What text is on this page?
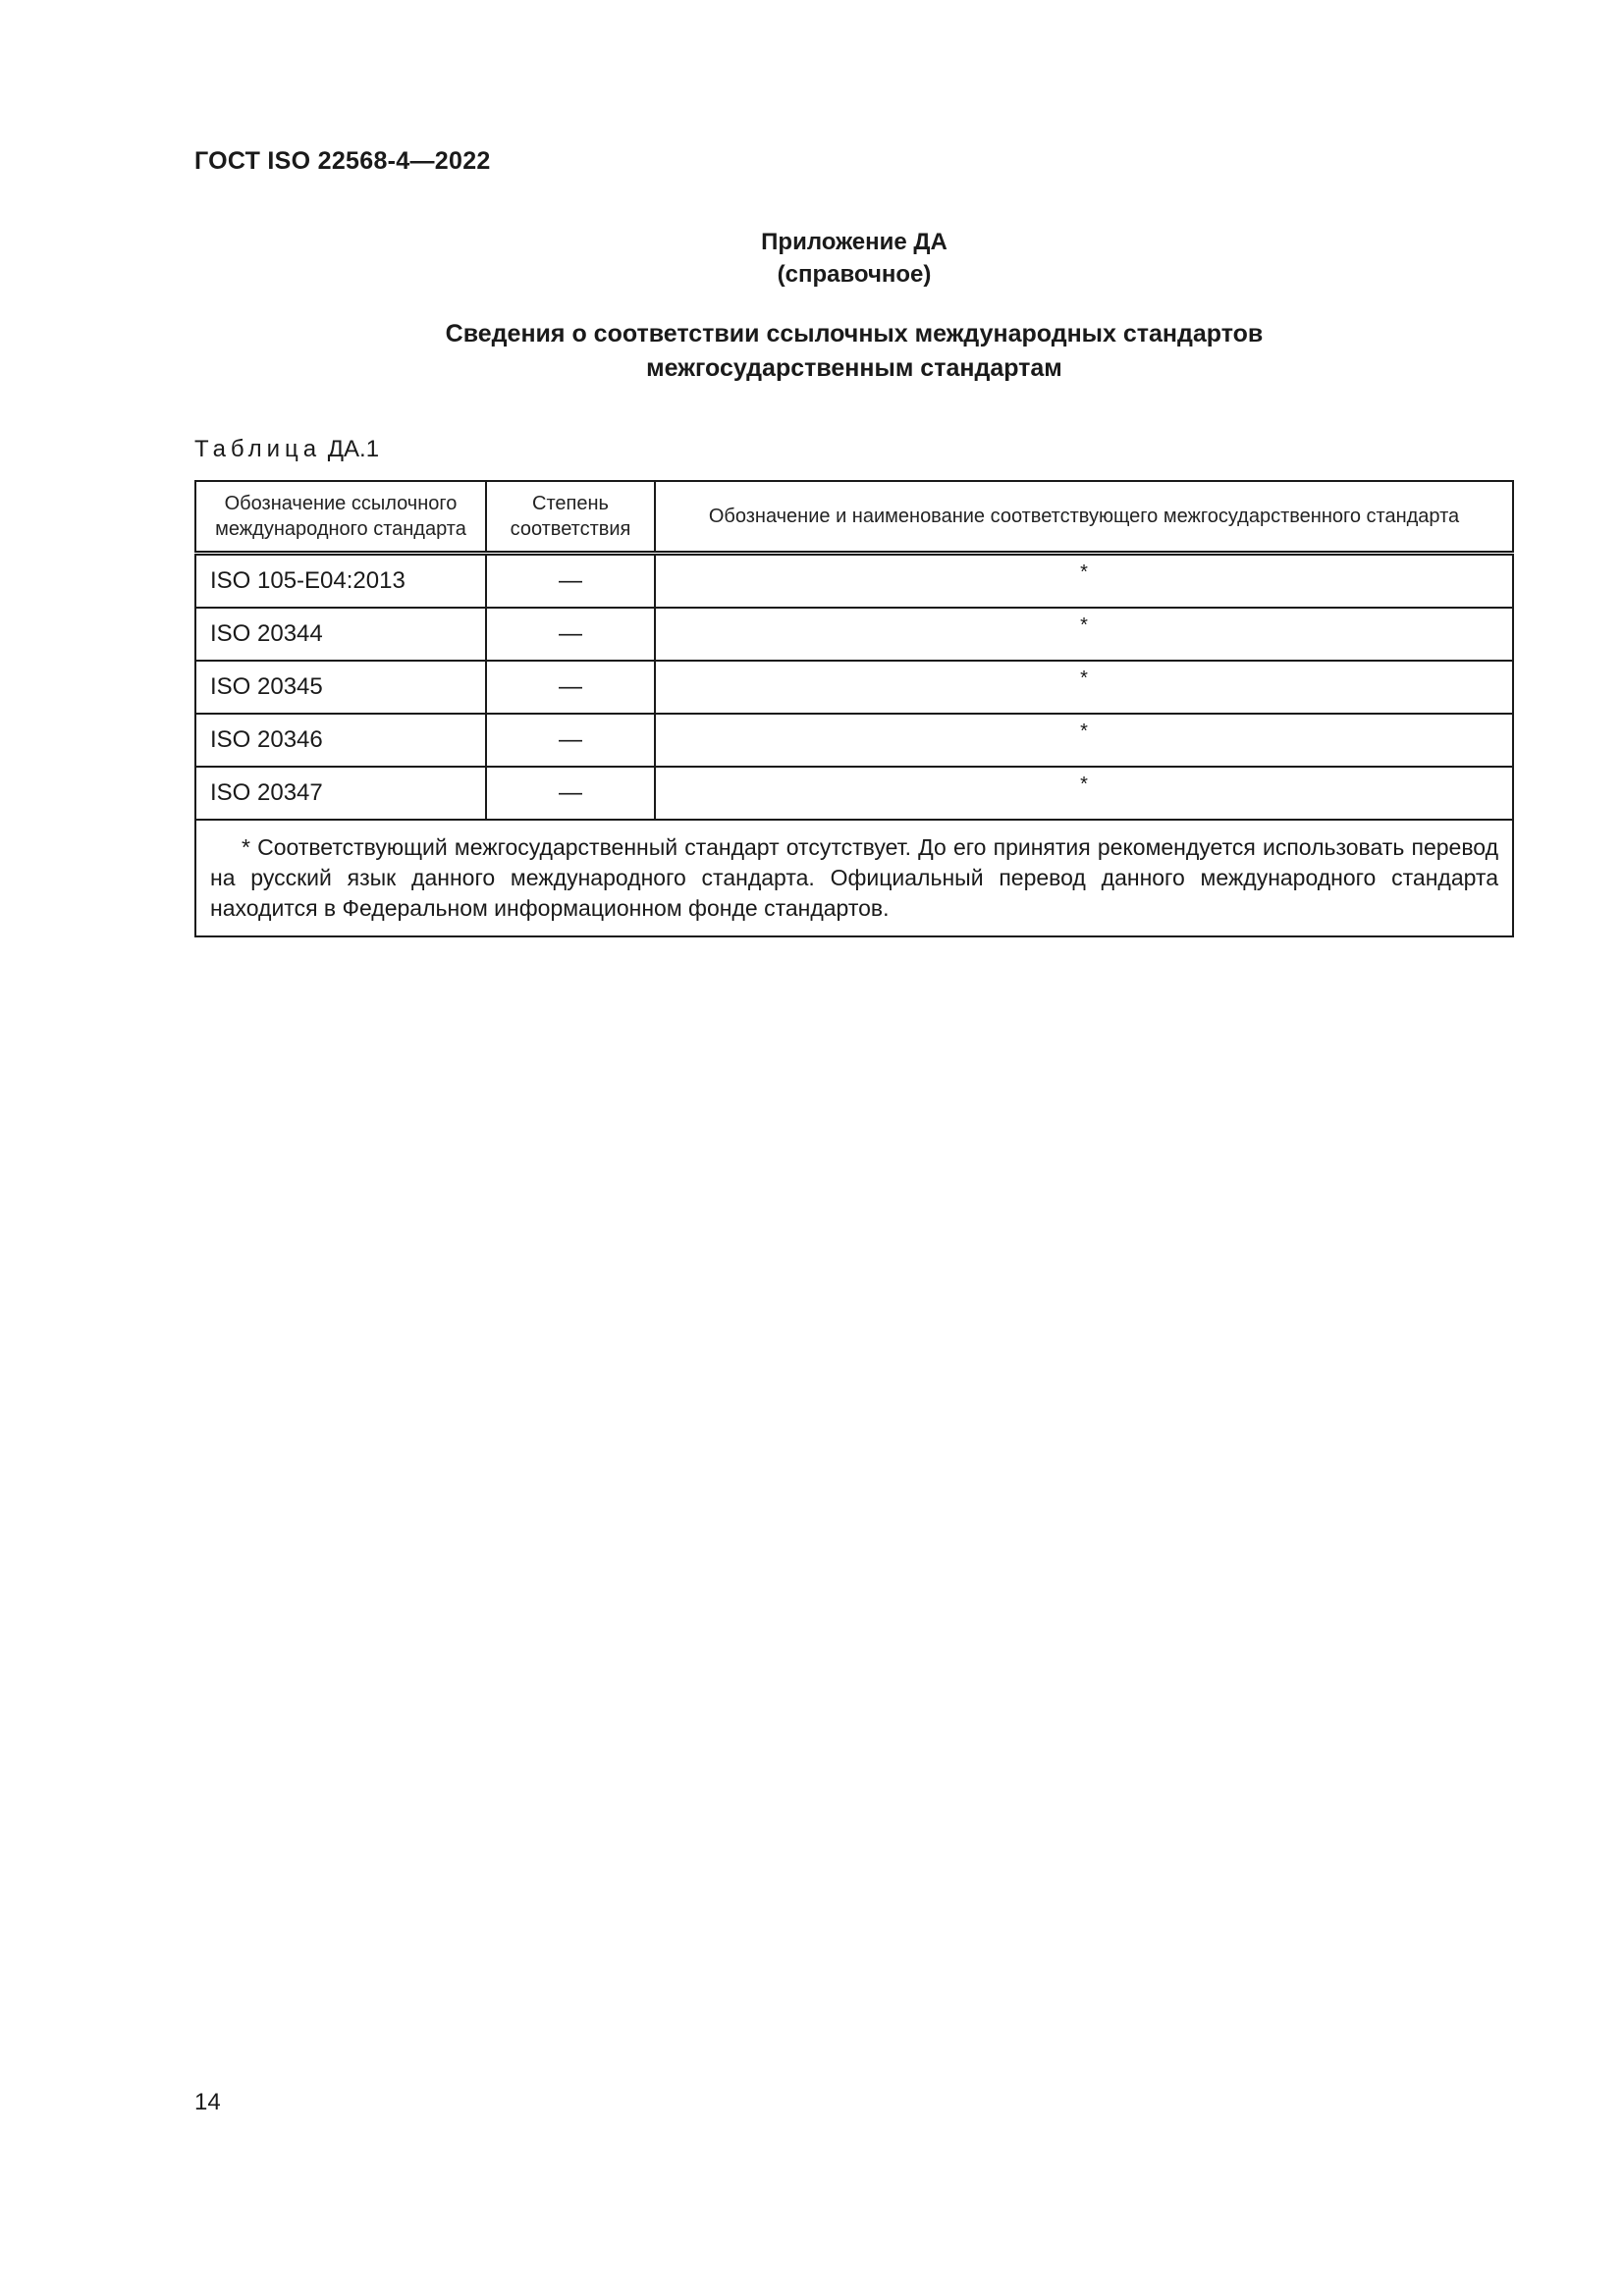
ГОСТ ISO 22568-4—2022
Приложение ДА
(справочное)
Сведения о соответствии ссылочных международных стандартов
межгосударственным стандартам
Таблица ДА.1
Обозначение ссылочного международного стандарта	Степень соответствия	Обозначение и наименование соответствующего межгосударственного стандарта
ISO 105-E04:2013	—	*
ISO 20344	—	*
ISO 20345	—	*
ISO 20346	—	*
ISO 20347	—	*
* Соответствующий межгосударственный стандарт отсутствует. До его принятия рекомендуется использовать перевод на русский язык данного международного стандарта. Официальный перевод данного международного стандарта находится в Федеральном информационном фонде стандартов.		
14
